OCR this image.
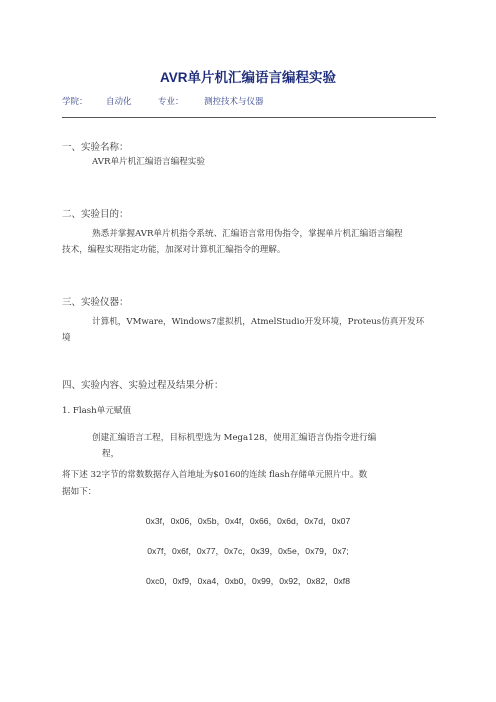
AVR单片机汇编语言编程实验
学院： 自动化	专业： 测控技术与仪器
一、实验名称：
AVR单片机汇编语言编程实验
二、实验目的：
熟悉并掌握AVR单片机指令系统、汇编语言常用伪指令，掌握单片机汇编语言编程
技术，编程实现指定功能，加深对计算机汇编指令的理解。
三、实验仪器：
计算机，VMware，Windows7虚拟机，AtmelStudio开发环境，Proteus仿真开发环
境
四、实验内容、实验过程及结果分析：
1. Flash单元赋值
创建汇编语言工程，目标机型选为 Mega128，使用汇编语言伪指令进行编
程，
将下述 32字节的常数数据存入首地址为$0160的连续 flash存储单元照片中。数
据如下：
0x3f，0x06，0x5b，0x4f，0x66，0x6d，0x7d，0x07
0x7f，0x6f，0x77，0x7c，0x39，0x5e，0x79，0x7;
0xc0，0xf9，0xa4，0xb0，0x99，0x92，0x82，0xf8
